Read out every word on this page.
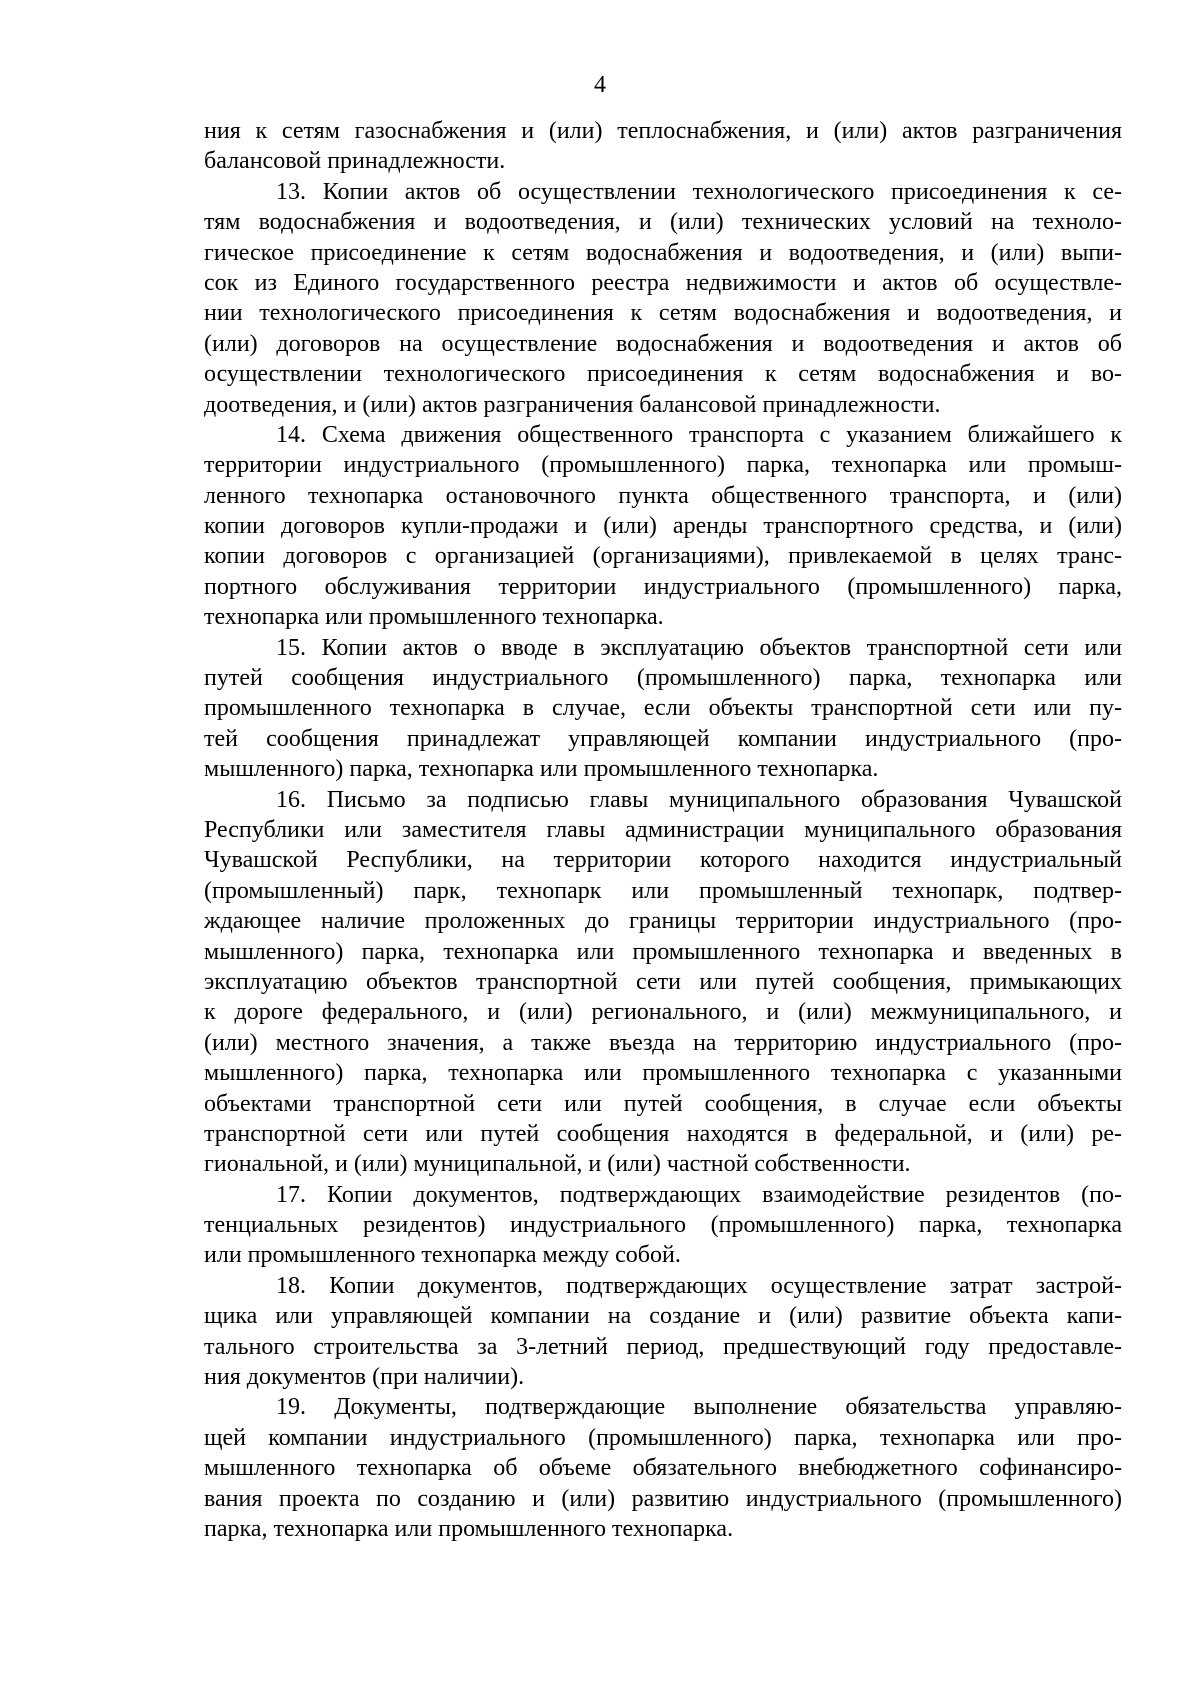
4
ния к сетям газоснабжения и (или) теплоснабжения, и (или) актов разграничения
балансовой принадлежности.
13. Копии актов об осуществлении технологического присоединения к се-
тям водоснабжения и водоотведения, и (или) технических условий на техноло-
гическое присоединение к сетям водоснабжения и водоотведения, и (или) выпи-
сок из Единого государственного реестра недвижимости и актов об осуществле-
нии технологического присоединения к сетям водоснабжения и водоотведения, и
(или) договоров на осуществление водоснабжения и водоотведения и актов об
осуществлении технологического присоединения к сетям водоснабжения и во-
доотведения, и (или) актов разграничения балансовой принадлежности.
14. Схема движения общественного транспорта с указанием ближайшего к
территории индустриального (промышленного) парка, технопарка или промыш-
ленного технопарка остановочного пункта общественного транспорта, и (или)
копии договоров купли-продажи и (или) аренды транспортного средства, и (или)
копии договоров с организацией (организациями), привлекаемой в целях транс-
портного обслуживания территории индустриального (промышленного) парка,
технопарка или промышленного технопарка.
15. Копии актов о вводе в эксплуатацию объектов транспортной сети или
путей сообщения индустриального (промышленного) парка, технопарка или
промышленного технопарка в случае, если объекты транспортной сети или пу-
тей сообщения принадлежат управляющей компании индустриального (про-
мышленного) парка, технопарка или промышленного технопарка.
16. Письмо за подписью главы муниципального образования Чувашской
Республики или заместителя главы администрации муниципального образования
Чувашской Республики, на территории которого находится индустриальный
(промышленный) парк, технопарк или промышленный технопарк, подтвер-
ждающее наличие проложенных до границы территории индустриального (про-
мышленного) парка, технопарка или промышленного технопарка и введенных в
эксплуатацию объектов транспортной сети или путей сообщения, примыкающих
к дороге федерального, и (или) регионального, и (или) межмуниципального, и
(или) местного значения, а также въезда на территорию индустриального (про-
мышленного) парка, технопарка или промышленного технопарка с указанными
объектами транспортной сети или путей сообщения, в случае если объекты
транспортной сети или путей сообщения находятся в федеральной, и (или) ре-
гиональной, и (или) муниципальной, и (или) частной собственности.
17. Копии документов, подтверждающих взаимодействие резидентов (по-
тенциальных резидентов) индустриального (промышленного) парка, технопарка
или промышленного технопарка между собой.
18. Копии документов, подтверждающих осуществление затрат застрой-
щика или управляющей компании на создание и (или) развитие объекта капи-
тального строительства за 3-летний период, предшествующий году предоставле-
ния документов (при наличии).
19. Документы, подтверждающие выполнение обязательства управляю-
щей компании индустриального (промышленного) парка, технопарка или про-
мышленного технопарка об объеме обязательного внебюджетного софинансиро-
вания проекта по созданию и (или) развитию индустриального (промышленного)
парка, технопарка или промышленного технопарка.
